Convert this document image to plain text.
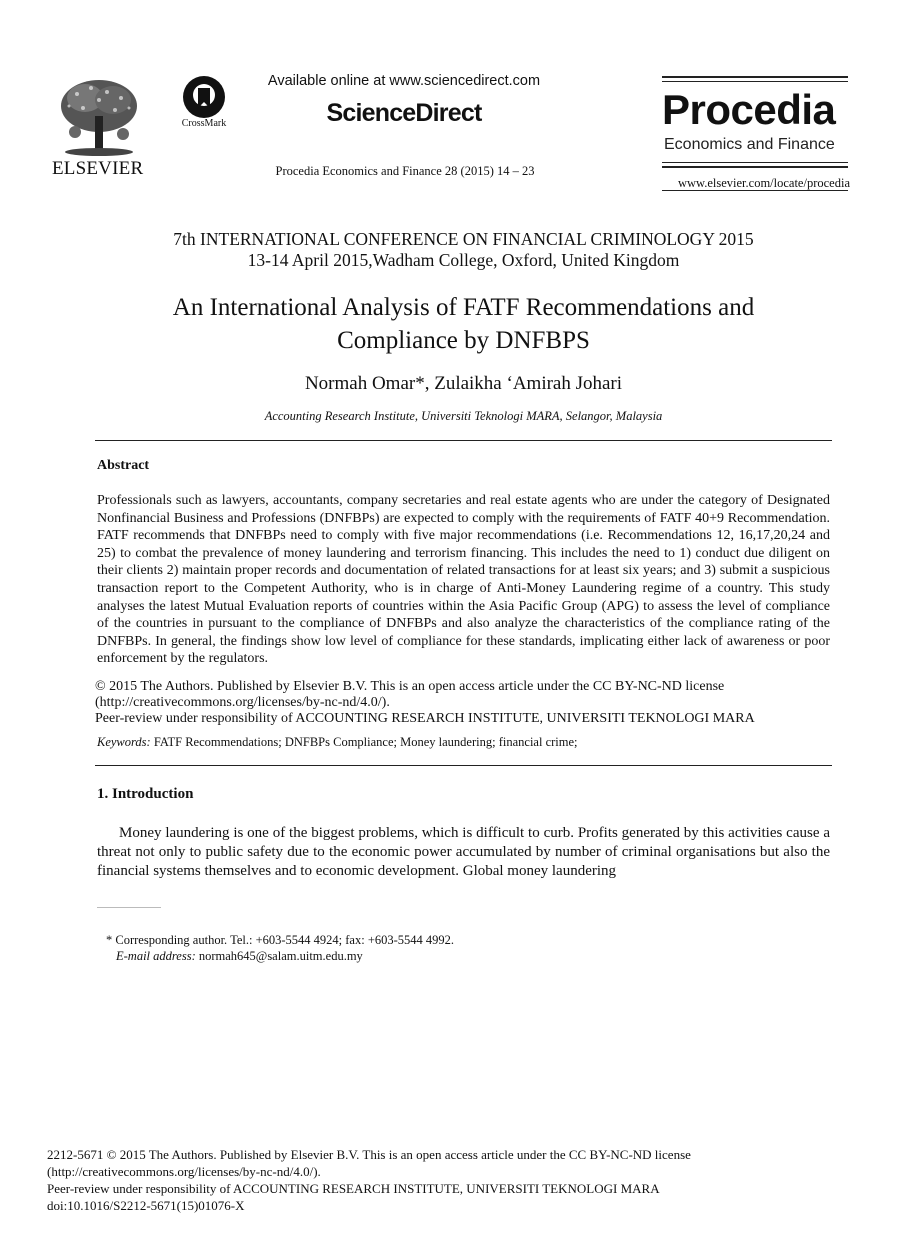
ELSEVIER
CrossMark
Available online at www.sciencedirect.com
ScienceDirect
Procedia Economics and Finance 28 (2015) 14 – 23
Procedia
Economics and Finance
www.elsevier.com/locate/procedia
7th INTERNATIONAL CONFERENCE ON FINANCIAL CRIMINOLOGY 2015
13-14 April 2015,Wadham College, Oxford, United Kingdom
An International Analysis of FATF Recommendations and
Compliance by DNFBPS
Normah Omar*, Zulaikha ‘Amirah Johari
Accounting Research Institute, Universiti Teknologi MARA, Selangor, Malaysia
Abstract
Professionals such as lawyers, accountants, company secretaries and real estate agents who are under the category of Designated Nonfinancial Business and Professions (DNFBPs) are expected to comply with the requirements of FATF 40+9 Recommendation. FATF recommends that DNFBPs need to comply with five major recommendations (i.e. Recommendations 12, 16,17,20,24 and 25) to combat the prevalence of money laundering and terrorism financing. This includes the need to 1) conduct due diligent on their clients 2) maintain proper records and documentation of related transactions for at least six years; and 3) submit a suspicious transaction report to the Competent Authority, who is in charge of Anti-Money Laundering regime of a country. This study analyses the latest Mutual Evaluation reports of countries within the Asia Pacific Group (APG) to assess the level of compliance of the countries in pursuant to the compliance of DNFBPs and also analyze the characteristics of the compliance rating of the DNFBPs. In general, the findings show low level of compliance for these standards, implicating either lack of awareness or poor enforcement by the regulators.
© 2015 The Authors. Published by Elsevier B.V. This is an open access article under the CC BY-NC-ND license
(http://creativecommons.org/licenses/by-nc-nd/4.0/).
Peer-review under responsibility of ACCOUNTING RESEARCH INSTITUTE, UNIVERSITI TEKNOLOGI MARA
Keywords: FATF Recommendations; DNFBPs Compliance; Money laundering; financial crime;
1. Introduction
Money laundering is one of the biggest problems, which is difficult to curb. Profits generated by this activities cause a threat not only to public safety due to the economic power accumulated by number of criminal organisations but also the financial systems themselves and to economic development. Global money laundering
* Corresponding author. Tel.: +603-5544 4924; fax: +603-5544 4992.
E-mail address: normah645@salam.uitm.edu.my
2212-5671 © 2015 The Authors. Published by Elsevier B.V. This is an open access article under the CC BY-NC-ND license
(http://creativecommons.org/licenses/by-nc-nd/4.0/).
Peer-review under responsibility of ACCOUNTING RESEARCH INSTITUTE, UNIVERSITI TEKNOLOGI MARA
doi:10.1016/S2212-5671(15)01076-X
